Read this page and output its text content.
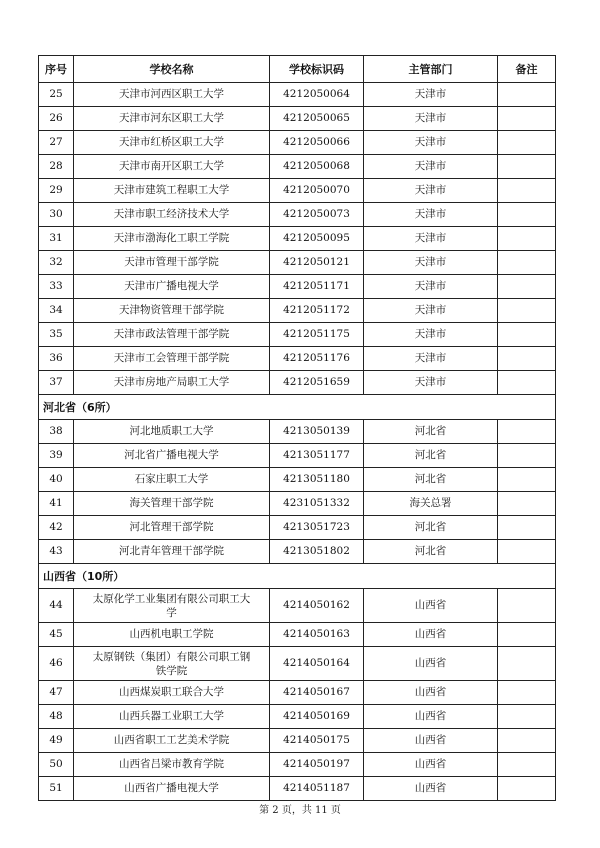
序号	学校名称	学校标识码	主管部门	备注
25	天津市河西区职工大学	4212050064	天津市	
26	天津市河东区职工大学	4212050065	天津市	
27	天津市红桥区职工大学	4212050066	天津市	
28	天津市南开区职工大学	4212050068	天津市	
29	天津市建筑工程职工大学	4212050070	天津市	
30	天津市职工经济技术大学	4212050073	天津市	
31	天津市渤海化工职工学院	4212050095	天津市	
32	天津市管理干部学院	4212050121	天津市	
33	天津市广播电视大学	4212051171	天津市	
34	天津物资管理干部学院	4212051172	天津市	
35	天津市政法管理干部学院	4212051175	天津市	
36	天津市工会管理干部学院	4212051176	天津市	
37	天津市房地产局职工大学	4212051659	天津市	
河北省（6所）				
38	河北地质职工大学	4213050139	河北省	
39	河北省广播电视大学	4213051177	河北省	
40	石家庄职工大学	4213051180	河北省	
41	海关管理干部学院	4231051332	海关总署	
42	河北管理干部学院	4213051723	河北省	
43	河北青年管理干部学院	4213051802	河北省	
山西省（10所）				
44	太原化学工业集团有限公司职工大学	4214050162	山西省	
45	山西机电职工学院	4214050163	山西省	
46	太原钢铁（集团）有限公司职工钢铁学院	4214050164	山西省	
47	山西煤炭职工联合大学	4214050167	山西省	
48	山西兵器工业职工大学	4214050169	山西省	
49	山西省职工工艺美术学院	4214050175	山西省	
50	山西省吕梁市教育学院	4214050197	山西省	
51	山西省广播电视大学	4214051187	山西省	
第 2 页，共 11 页
